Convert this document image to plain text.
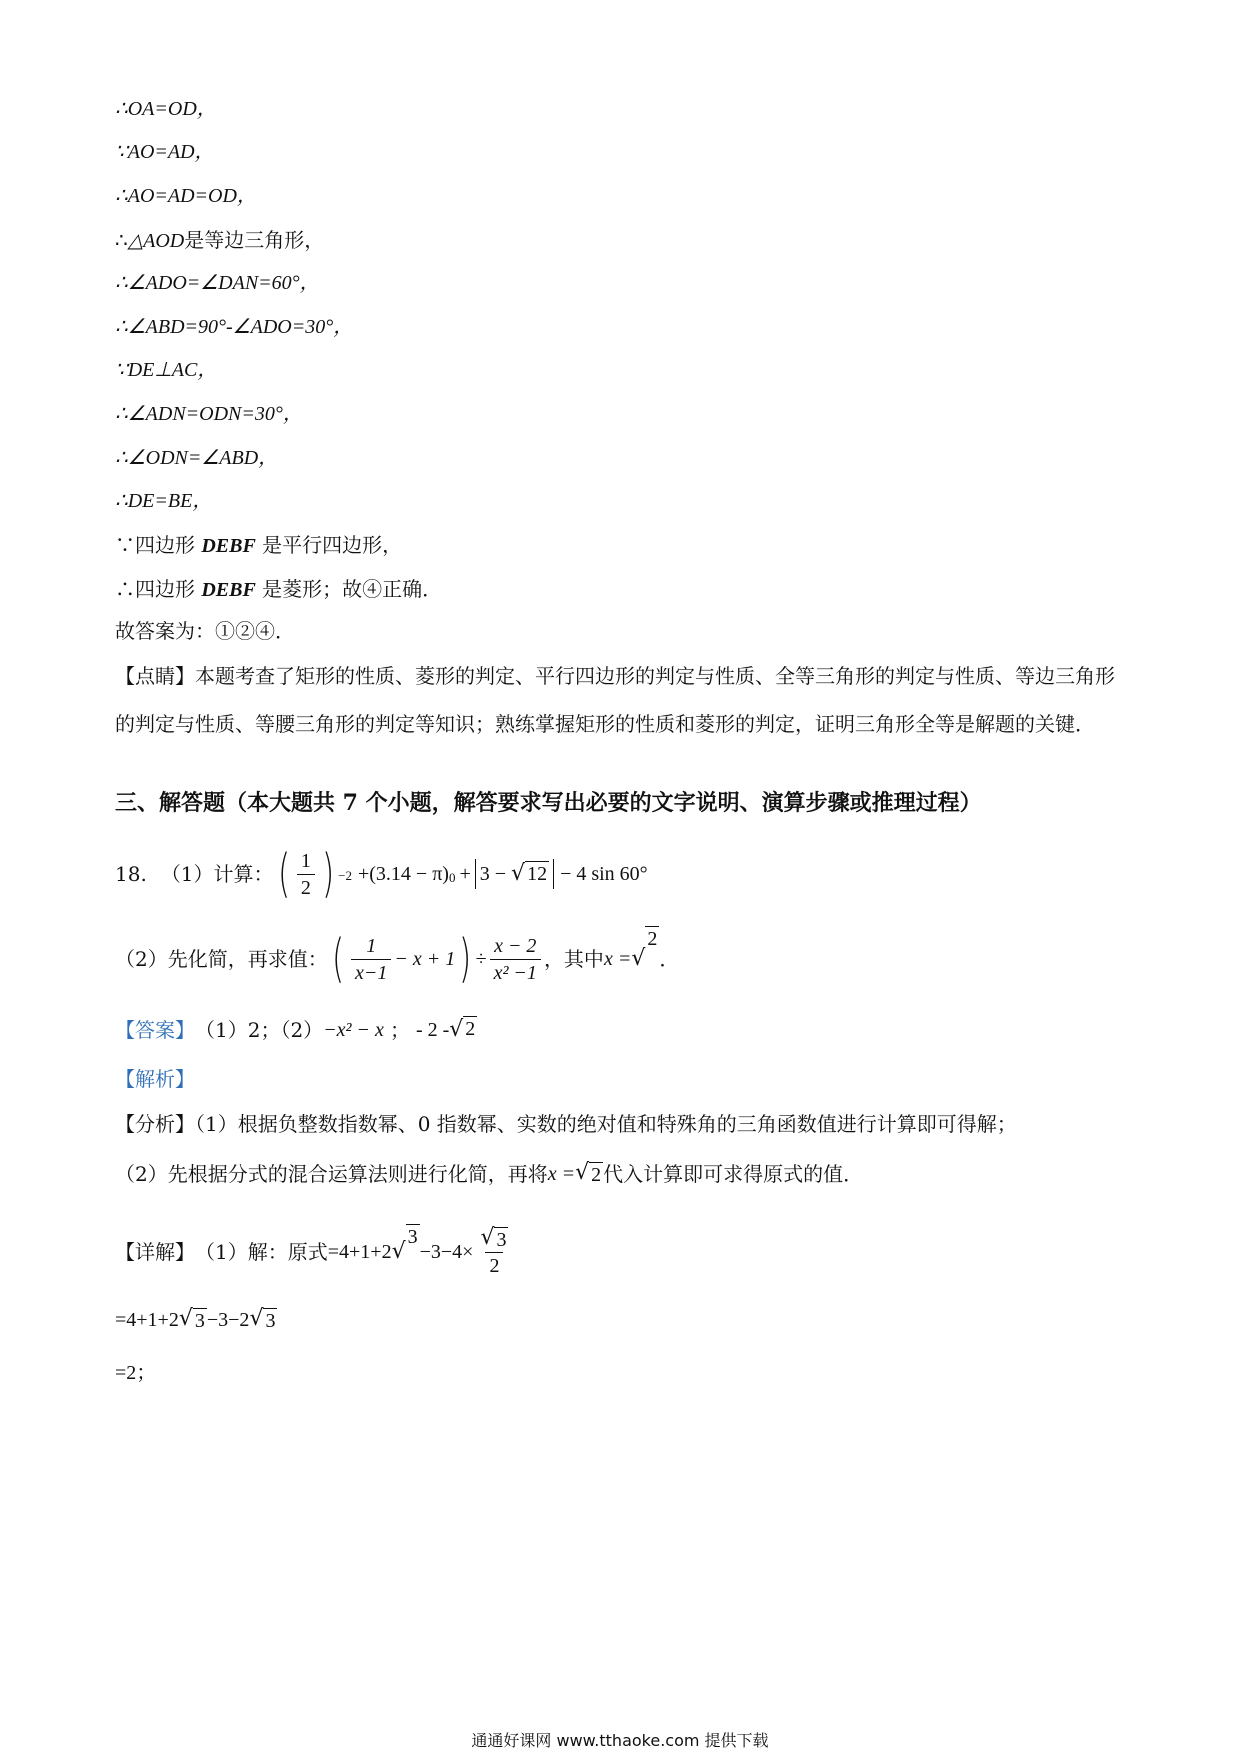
∴OA=OD，
∵AO=AD，
∴AO=AD=OD，
∴△AOD是等边三角形，
∴∠ADO=∠DAN=60°，
∴∠ABD=90°-∠ADO=30°，
∵DE⊥AC，
∴∠ADN=ODN=30°，
∴∠ODN=∠ABD，
∴DE=BE，
∵四边形 DEBF 是平行四边形，
∴四边形 DEBF 是菱形；故④正确．
故答案为：①②④．
【点睛】本题考查了矩形的性质、菱形的判定、平行四边形的判定与性质、全等三角形的判定与性质、等边三角形的判定与性质、等腰三角形的判定等知识；熟练掌握矩形的性质和菱形的判定，证明三角形全等是解题的关键．
三、解答题（本大题共 7 个小题，解答要求写出必要的文字说明、演算步骤或推理过程）
18. （1）计算： ( $\frac{1}{2}$ ) −2 +(3.14 − π) 0 + 3 − √ 12 − 4 sin 60°
（2）先化简，再求值： ( $\frac{1}{x-1} - x + 1$ ) ÷ $\frac{x - 2}{\text{x² −1}}$ ，其中 x = √
2
．
【答案】 （1）2；（2） −x² − x ； - 2 - √ 2
【解析】
【分析】（1）根据负整数指数幂、0 指数幂、实数的绝对值和特殊角的三角函数值进行计算即可得解；
（2）先根据分式的混合运算法则进行化简，再将 x = √ 2 代入计算即可求得原式的值．
【详解】 （1）解：原式 =4+1+2 √
3
$-3-4\times \frac{√ 3}{2}$
=4+1+2 √ 3 −3−2 √ 3
=2；
通通好课网 www.tthaoke.com 提供下载
